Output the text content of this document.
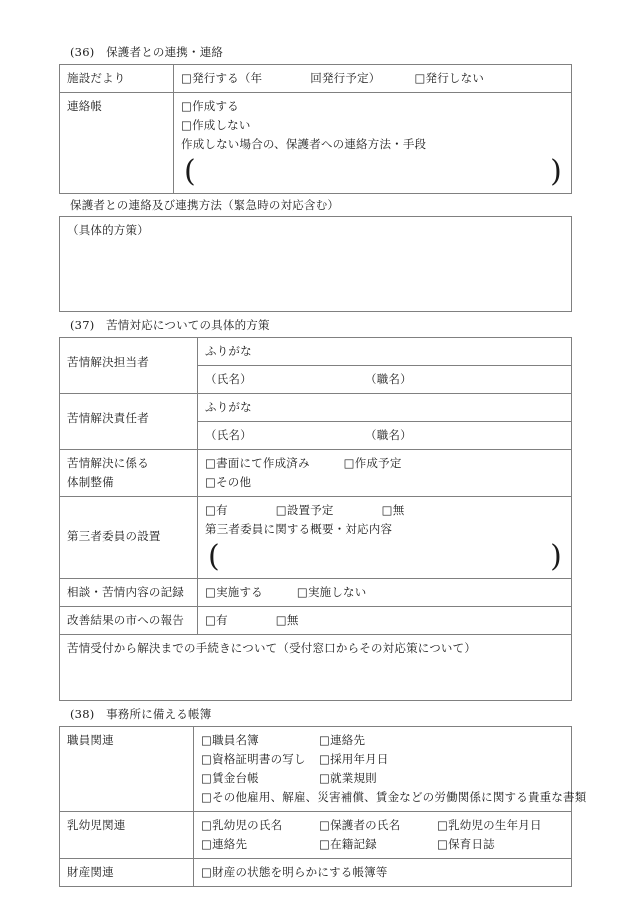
(36)　保護者との連携・連絡
施設だより	□発行する（年 回発行予定） □発行しない

連絡帳	□作成する
□作成しない
作成しない場合の、保護者への連絡方法・手段
( )
保護者との連絡及び連携方法（緊急時の対応含む）
（具体的方策）
(37)　苦情対応についての具体的方策
苦情解決担当者	ふりがな

	（氏名） （職名）

苦情解決責任者	ふりがな

	（氏名） （職名）

苦情解決に係る
体制整備	□書面にて作成済み □作成予定
□その他

第三者委員の設置	□有 □設置予定 □無
第三者委員に関する概要・対応内容
( )

相談・苦情内容の記録	□実施する □実施しない

改善結果の市への報告	□有 □無

苦情受付から解決までの手続きについて（受付窓口からその対応策について）	
(38)　事務所に備える帳簿
職員関連	□職員名簿 □連絡先
□資格証明書の写し □採用年月日
□賃金台帳 □就業規則
□その他雇用、解雇、災害補償、賃金などの労働関係に関する貴重な書類

乳幼児関連	□乳幼児の氏名 □保護者の氏名 □乳幼児の生年月日
□連絡先 □在籍記録 □保育日誌

財産関連	□財産の状態を明らかにする帳簿等
